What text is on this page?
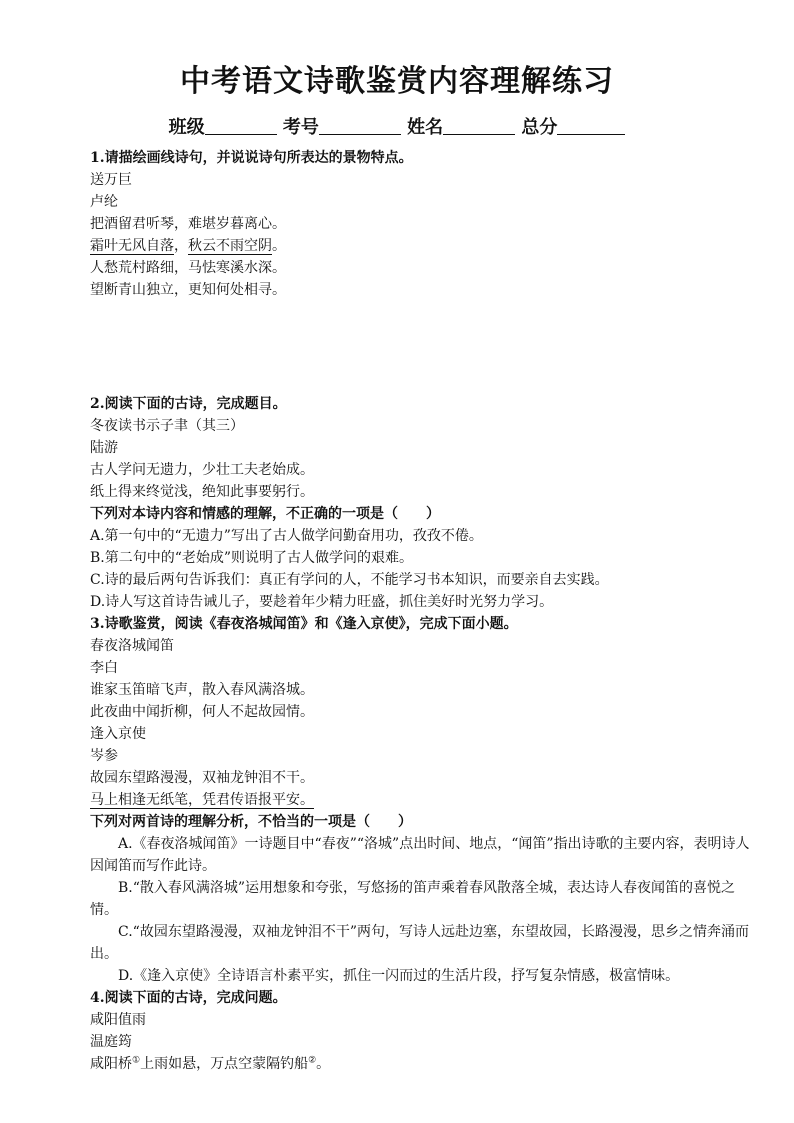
中考语文诗歌鉴赏内容理解练习
班级	考号	姓名	总分

1.请描绘画线诗句，并说说诗句所表达的景物特点。

送万巨

卢纶

把酒留君听琴，难堪岁暮离心。

霜叶无风自落，秋云不雨空阴。

人愁荒村路细，马怯寒溪水深。

望断青山独立，更知何处相寻。

2.阅读下面的古诗，完成题目。

冬夜读书示子聿（其三）

陆游

古人学问无遗力，少壮工夫老始成。

纸上得来终觉浅，绝知此事要躬行。

下列对本诗内容和情感的理解，不正确的一项是（　　）

A.第一句中的“无遗力”写出了古人做学问勤奋用功，孜孜不倦。

B.第二句中的“老始成”则说明了古人做学问的艰难。

C.诗的最后两句告诉我们：真正有学问的人，不能学习书本知识，而要亲自去实践。

D.诗人写这首诗告诫儿子，要趁着年少精力旺盛，抓住美好时光努力学习。

3.诗歌鉴赏，阅读《春夜洛城闻笛》和《逢入京使》，完成下面小题。

春夜洛城闻笛

李白

谁家玉笛暗飞声，散入春风满洛城。

此夜曲中闻折柳，何人不起故园情。

逢入京使

岑参

故园东望路漫漫，双袖龙钟泪不干。

马上相逢无纸笔，凭君传语报平安。

下列对两首诗的理解分析，不恰当的一项是（　　）

A.《春夜洛城闻笛》一诗题目中“春夜”“洛城”点出时间、地点，“闻笛”指出诗歌的主要内容，表明诗人因闻笛而写作此诗。

B.“散入春风满洛城”运用想象和夸张，写悠扬的笛声乘着春风散落全城，表达诗人春夜闻笛的喜悦之情。

C.“故园东望路漫漫，双袖龙钟泪不干”两句，写诗人远赴边塞，东望故园，长路漫漫，思乡之情奔涌而出。

D.《逢入京使》全诗语言朴素平实，抓住一闪而过的生活片段，抒写复杂情感，极富情味。

4.阅读下面的古诗，完成问题。

咸阳值雨

温庭筠

咸阳桥①上雨如悬，万点空蒙隔钓船②。
